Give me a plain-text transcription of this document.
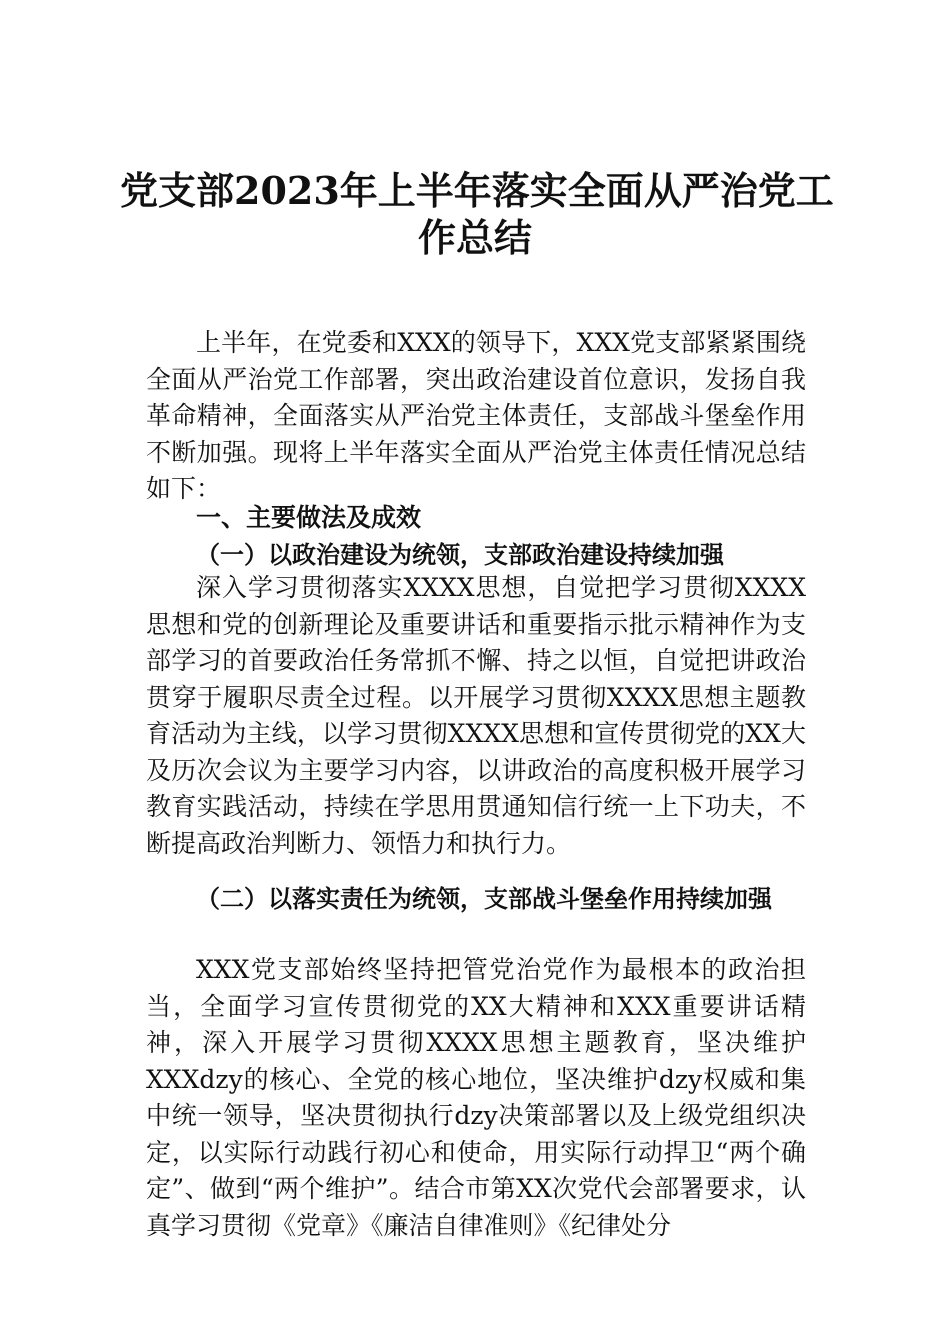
党支部2023年上半年落实全面从严治党工
作总结
上半年，在党委和XXX的领导下，XXX党支部紧紧围绕全面从严治党工作部署，突出政治建设首位意识，发扬自我革命精神，全面落实从严治党主体责任，支部战斗堡垒作用不断加强。现将上半年落实全面从严治党主体责任情况总结如下：
一、主要做法及成效
（一）以政治建设为统领，支部政治建设持续加强
深入学习贯彻落实XXXX思想，自觉把学习贯彻XXXX思想和党的创新理论及重要讲话和重要指示批示精神作为支部学习的首要政治任务常抓不懈、持之以恒，自觉把讲政治贯穿于履职尽责全过程。以开展学习贯彻XXXX思想主题教育活动为主线，以学习贯彻XXXX思想和宣传贯彻党的XX大及历次会议为主要学习内容，以讲政治的高度积极开展学习教育实践活动，持续在学思用贯通知信行统一上下功夫，不断提高政治判断力、领悟力和执行力。
（二）以落实责任为统领，支部战斗堡垒作用持续加强
XXX党支部始终坚持把管党治党作为最根本的政治担当，全面学习宣传贯彻党的XX大精神和XXX重要讲话精神，深入开展学习贯彻XXXX思想主题教育，坚决维护XXXdzy的核心、全党的核心地位，坚决维护dzy权威和集中统一领导，坚决贯彻执行dzy决策部署以及上级党组织决定，以实际行动践行初心和使命，用实际行动捍卫“两个确定”、做到“两个维护”。结合市第XX次党代会部署要求，认真学习贯彻《党章》《廉洁自律准则》《纪律处分
